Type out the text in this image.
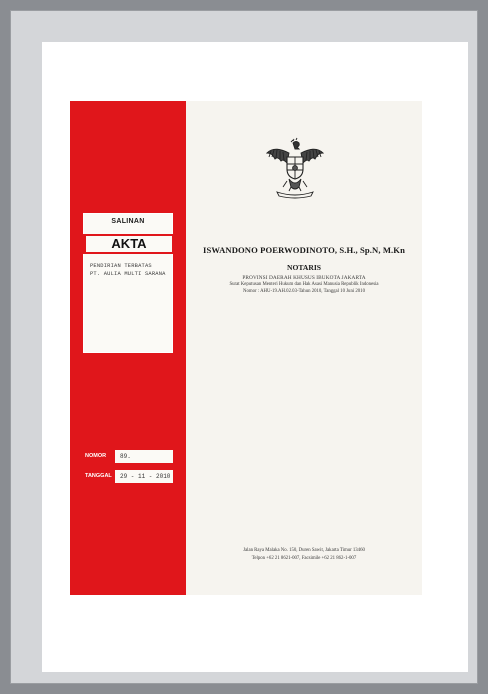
SALINAN
AKTA
PENDIRIAN TERBATAS
PT. AULIA MULTI SARANA
NOMOR	89.
TANGGAL	29 - 11 - 2010
ISWANDONO POERWODINOTO, S.H., Sp.N, M.Kn
NOTARIS
PROVINSI DAERAH KHUSUS IBUKOTA JAKARTA
Surat Keputusan Menteri Hukum dan Hak Asasi Manusia Republik Indonesia
Nomor : AHU-19.AH.02.03-Tahun 2010, Tanggal 10 Juni 2010
Jalan Raya Malaka No. 150, Duren Sawit, Jakarta Timur 13460
Telpon +62 21 8621-007, Facsimile +62 21 862-1-007
